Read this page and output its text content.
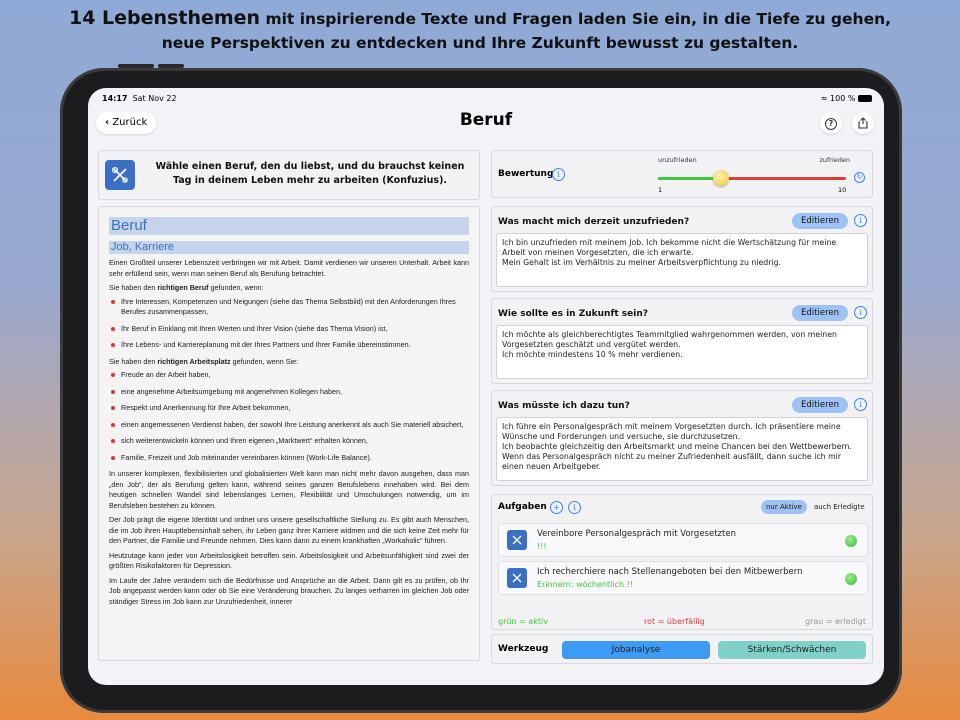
14 Lebensthemen mit inspirierende Texte und Fragen laden Sie ein, in die Tiefe zu gehen,
neue Perspektiven zu entdecken und Ihre Zukunft bewusst zu gestalten.
14:17 Sat Nov 22	≈ 100 %
‹ Zurück	Beruf	?
Wähle einen Beruf, den du liebst, und du brauchst keinen Tag in deinem Leben mehr zu arbeiten (Konfuzius).
Beruf
Job, Karriere

Einen Großteil unserer Lebenszeit verbringen wir mit Arbeit. Damit verdienen wir unseren Unterhalt. Arbeit kann sehr erfüllend sein, wenn man seinen Beruf als Berufung betrachtet.

Sie haben den richtigen Beruf gefunden, wenn:

Ihre Interessen, Kompetenzen und Neigungen (siehe das Thema Selbstbild) mit den Anforderungen Ihres Berufes zusammenpassen,
Ihr Beruf in Einklang mit Ihren Werten und Ihrer Vision (siehe das Thema Vision) ist,
Ihre Lebens- und Karriereplanung mit der Ihres Partners und Ihrer Familie übereinstimmen.

Sie haben den richtigen Arbeitsplatz gefunden, wenn Sie:

Freude an der Arbeit haben,
eine angenehme Arbeitsumgebung mit angenehmen Kollegen haben,
Respekt und Anerkennung für Ihre Arbeit bekommen,
einen angemessenen Verdienst haben, der sowohl Ihre Leistung anerkennt als auch Sie materiell absichert,
sich weiterentwickeln können und Ihren eigenen „Marktwert“ erhalten können,
Familie, Freizeit und Job miteinander vereinbaren können (Work-Life Balance).

In unserer komplexen, flexibilisierten und globalisierten Welt kann man nicht mehr davon ausgehen, dass man „den Job“, der als Berufung gelten kann, während seines ganzen Berufslebens innehaben wird. Bei dem heutigen schnellen Wandel sind lebenslanges Lernen, Flexibilität und Umschulungen notwendig, um im Berufsleben bestehen zu können.

Der Job prägt die eigene Identität und ordnet uns unsere gesellschaftliche Stellung zu. Es gibt auch Menschen, die im Job ihren Hauptlebensinhalt sehen, ihr Leben ganz ihrer Karriere widmen und die sich keine Zeit mehr für den Partner, die Familie und Freunde nehmen. Dies kann dann zu einem krankhaften „Workaholic“ führen.

Heutzutage kann jeder von Arbeitslosigkeit betroffen sein. Arbeitslosigkeit und Arbeitsunfähigkeit sind zwei der größten Risikofaktoren für Depression.

Im Laufe der Jahre verändern sich die Bedürfnisse und Ansprüche an die Arbeit. Dann gilt es zu prüfen, ob Ihr Job angepasst werden kann oder ob Sie eine Veränderung brauchen. Zu langes verharren im gleichen Job oder ständiger Stress im Job kann zur Unzufriedenheit, innerer

Bewertung i
unzufrieden	zufrieden
1	10
↻
Was macht mich derzeit unzufrieden?	Editieren	i
Ich bin unzufrieden mit meinem Job. Ich bekomme nicht die Wertschätzung für meine Arbeit von meinen Vorgesetzten, die ich erwarte.
Mein Gehalt ist im Verhältnis zu meiner Arbeitsverpflichtung zu niedrig.
Wie sollte es in Zukunft sein?	Editieren	i
Ich möchte als gleichberechtigtes Teammitglied wahrgenommen werden, von meinen Vorgesetzten geschätzt und vergütet werden.
Ich möchte mindestens 10 % mehr verdienen.
Was müsste ich dazu tun?	Editieren	i
Ich führe ein Personalgespräch mit meinem Vorgesetzten durch. Ich präsentiere meine Wünsche und Forderungen und versuche, sie durchzusetzen.
Ich beobachte gleichzeitig den Arbeitsmarkt und meine Chancen bei den Wettbewerbern. Wenn das Personalgespräch nicht zu meiner Zufriedenheit ausfällt, dann suche ich mir einen neuen Arbeitgeber.
Aufgaben +	i	nur Aktive	auch Erledigte
Vereinbore Personalgespräch mit Vorgesetzten
!!!
Ich recherchiere nach Stellenangeboten bei den Mitbewerbern
Erinnern: wöchentlich !!
grün = aktiv	rot = überfällig	grau = erledigt
Werkzeug	Jobanalyse	Stärken/Schwächen
